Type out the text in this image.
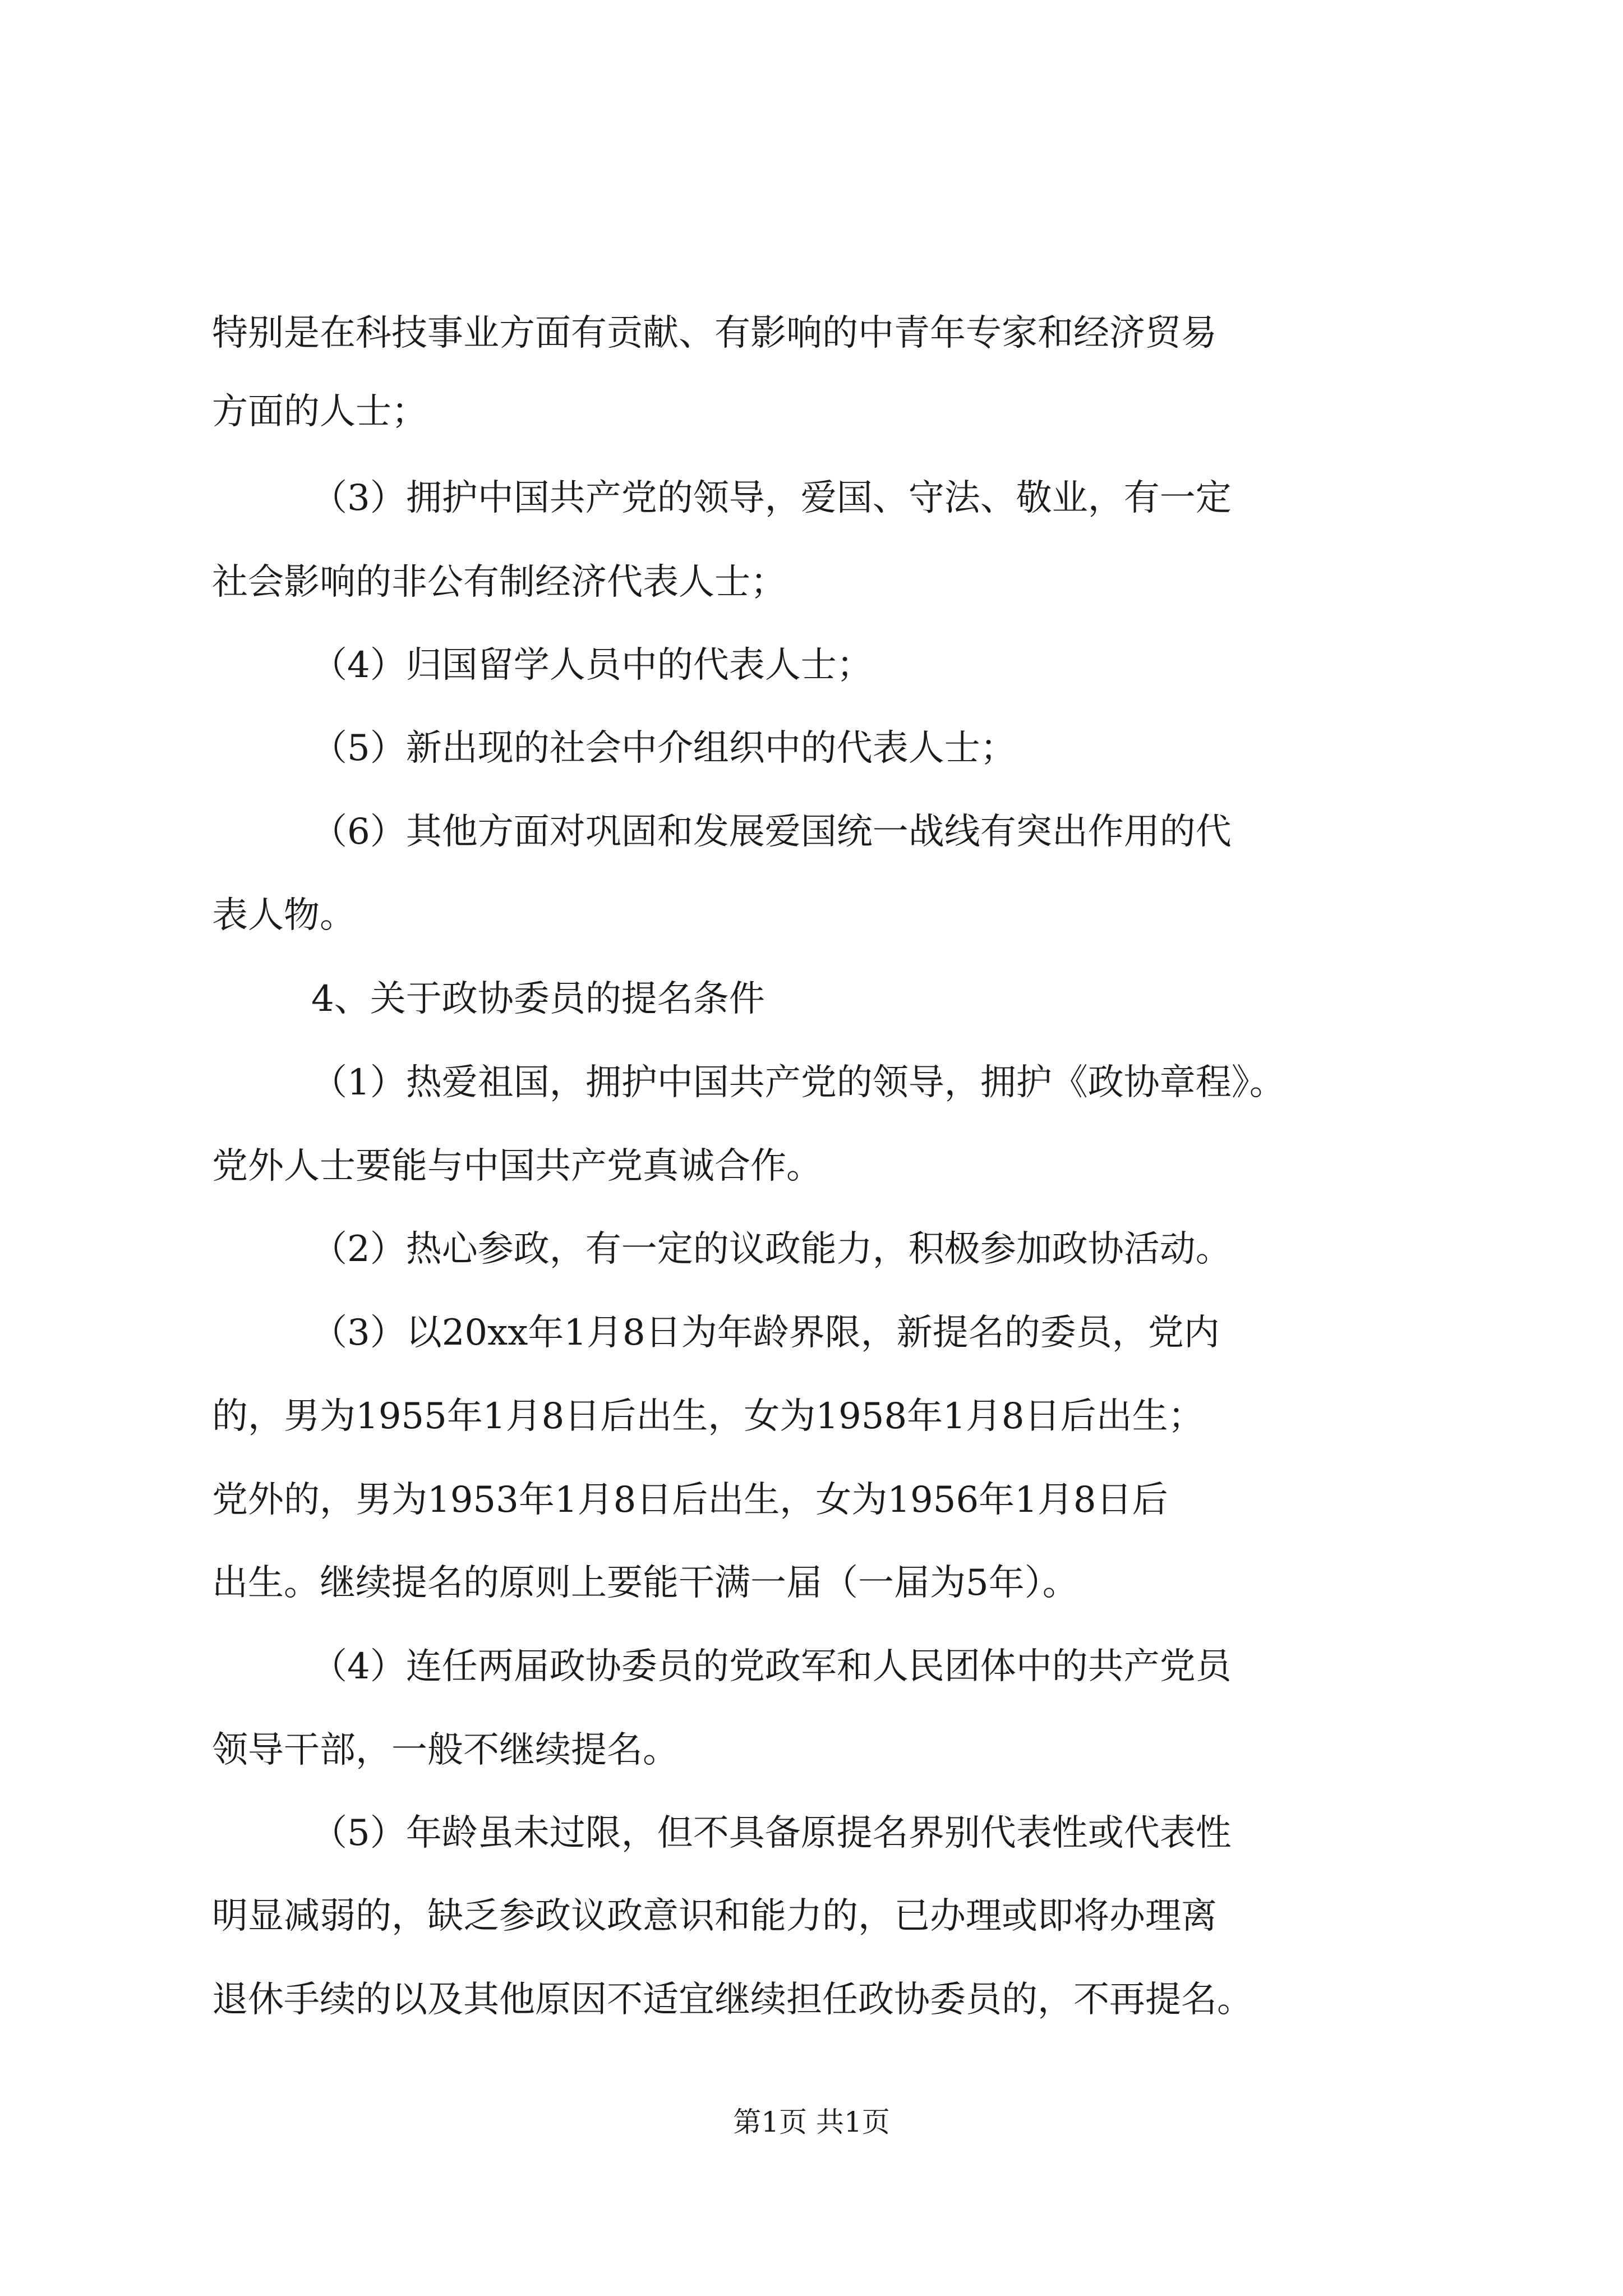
特别是在科技事业方面有贡献、有影响的中青年专家和经济贸易
方面的人士；
（3）拥护中国共产党的领导，爱国、守法、敬业，有一定
社会影响的非公有制经济代表人士；
（4）归国留学人员中的代表人士；
（5）新出现的社会中介组织中的代表人士；
（6）其他方面对巩固和发展爱国统一战线有突出作用的代
表人物。
4、关于政协委员的提名条件
（1）热爱祖国，拥护中国共产党的领导，拥护《政协章程》。
党外人士要能与中国共产党真诚合作。
（2）热心参政，有一定的议政能力，积极参加政协活动。
（3）以20xx年1月8日为年龄界限，新提名的委员，党内
的，男为1955年1月8日后出生，女为1958年1月8日后出生；
党外的，男为1953年1月8日后出生，女为1956年1月8日后
出生。继续提名的原则上要能干满一届（一届为5年）。
（4）连任两届政协委员的党政军和人民团体中的共产党员
领导干部，一般不继续提名。
（5）年龄虽未过限，但不具备原提名界别代表性或代表性
明显减弱的，缺乏参政议政意识和能力的，已办理或即将办理离
退休手续的以及其他原因不适宜继续担任政协委员的，不再提名。
第1页 共1页
